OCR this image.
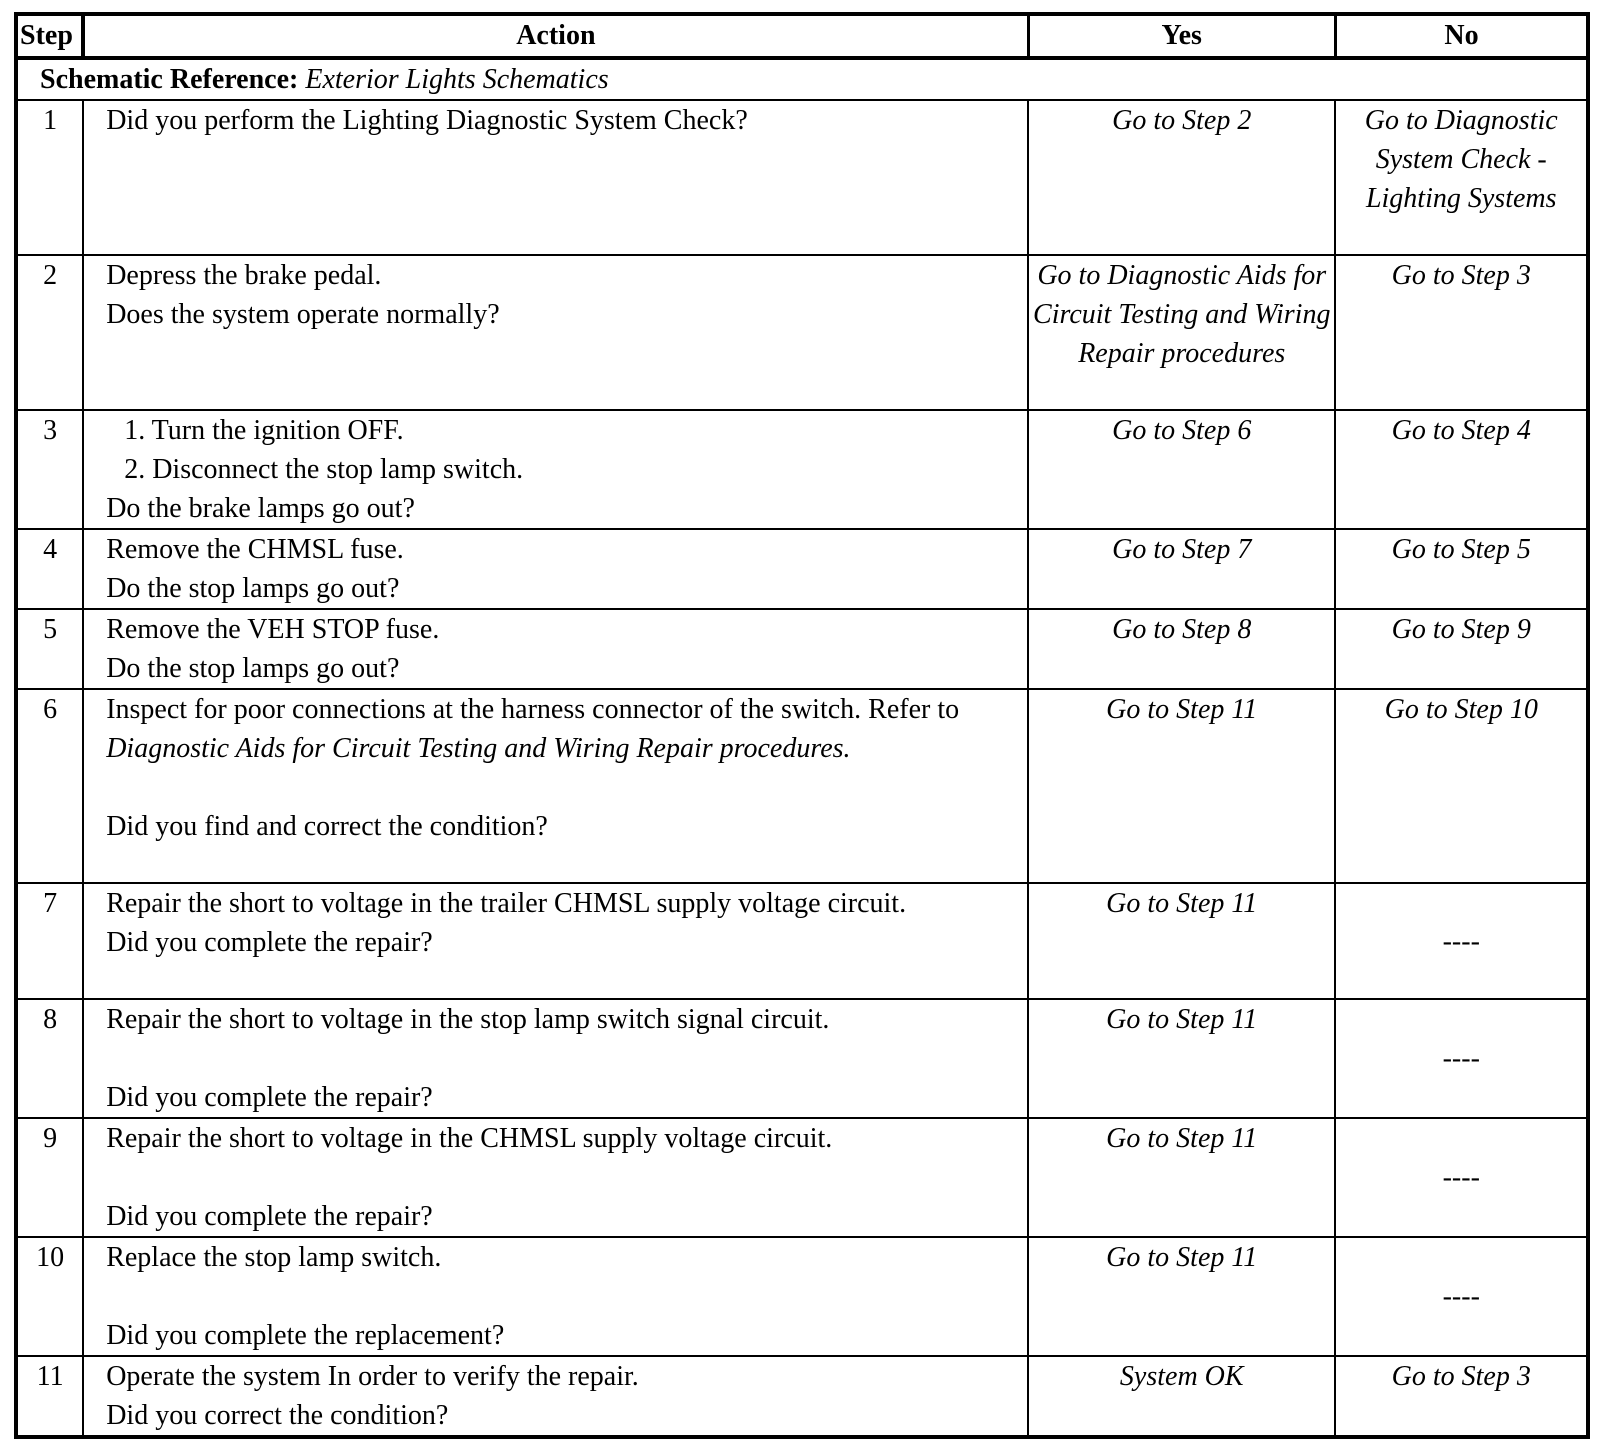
Step	Action	Yes	No
Schematic Reference: Exterior Lights Schematics			
1	Did you perform the Lighting Diagnostic System Check?	Go to Step 2	Go to Diagnostic System Check - Lighting Systems
2	Depress the brake pedal.
Does the system operate normally?	Go to Diagnostic Aids for Circuit Testing and Wiring Repair procedures	Go to Step 3
3	1. Turn the ignition OFF.
2. Disconnect the stop lamp switch.
Do the brake lamps go out?	Go to Step 6	Go to Step 4
4	Remove the CHMSL fuse.
Do the stop lamps go out?	Go to Step 7	Go to Step 5
5	Remove the VEH STOP fuse.
Do the stop lamps go out?	Go to Step 8	Go to Step 9
6	Inspect for poor connections at the harness connector of the switch. Refer to Diagnostic Aids for Circuit Testing and Wiring Repair procedures.
Did you find and correct the condition?	Go to Step 11	Go to Step 10
7	Repair the short to voltage in the trailer CHMSL supply voltage circuit.
Did you complete the repair?	Go to Step 11	----
8	Repair the short to voltage in the stop lamp switch signal circuit.
Did you complete the repair?	Go to Step 11	----
9	Repair the short to voltage in the CHMSL supply voltage circuit.
Did you complete the repair?	Go to Step 11	----
10	Replace the stop lamp switch.
Did you complete the replacement?	Go to Step 11	----
11	Operate the system In order to verify the repair.
Did you correct the condition?	System OK	Go to Step 3
